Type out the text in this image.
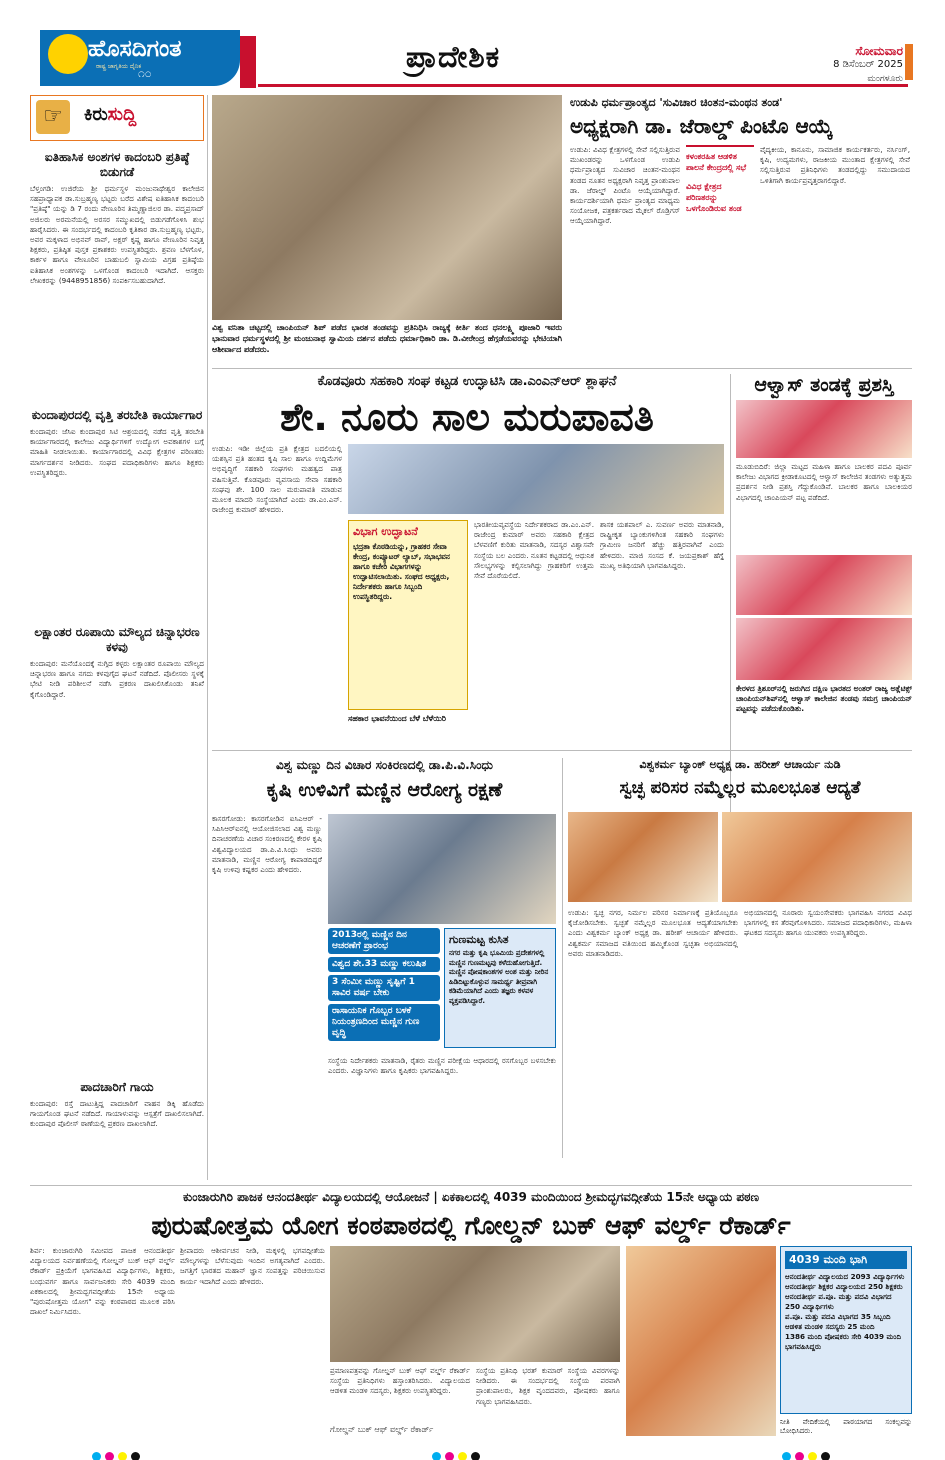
ಹೊಸದಿಗಂತ
ರಾಷ್ಟ್ರ ಜಾಗೃತಿಯ ದೈನಿಕ
೧೦	ಪ್ರಾದೇಶಿಕ	ಸೋಮವಾರ
8 ಡಿಸೆಂಬರ್ 2025
ಮಂಗಳೂರು
☞	ಕಿರುಸುದ್ದಿ
ಐತಿಹಾಸಿಕ ಅಂಶಗಳ ಕಾದಂಬರಿ ಪ್ರತಿಷ್ಠೆ ಬಿಡುಗಡೆ
ಬೆಳ್ತಂಗಡಿ: ಉಜಿರೆಯ ಶ್ರೀ ಧರ್ಮಸ್ಥಳ ಮಂಜುನಾಥೇಶ್ವರ ಕಾಲೇಜಿನ ಸಹಪ್ರಾಧ್ಯಾಪಕ ಡಾ.ಸುಬ್ರಹ್ಮಣ್ಯ ಭಟ್ಟರು ಬರೆದ ವಿಶೇಷ ಐತಿಹಾಸಿಕ ಕಾದಂಬರಿ "ಪ್ರತಿಷ್ಠೆ" ಯನ್ನು ಡಿ 7 ರಂದು ವೇಣೂರಿನ ತಿಮ್ಮಣ್ಣಾಜಿಲರ ಡಾ. ಪದ್ಮಪ್ರಸಾದ್ ಅಜಿಲರು ಅರಮನೆಯಲ್ಲಿ ಅರಸರ ಸಮ್ಮುಖದಲ್ಲಿ ಬಿಡುಗಡೆಗೊಳಿಸಿ ಶುಭ ಹಾರೈಸಿದರು. ಈ ಸಂದರ್ಭದಲ್ಲಿ ಕಾದಂಬರಿ ಕೃತಿಕಾರ ಡಾ.ಸುಬ್ರಹ್ಮಣ್ಯ ಭಟ್ಟರು, ಅವರ ಮಕ್ಕಳಾದ ಅಭಿನವ್ ರಾವ್, ಅಕ್ಷರ್ ಕೃಷ್ಣ ಹಾಗೂ ವೇಣೂರಿನ ನಿವೃತ್ತ ಶಿಕ್ಷಕರು, ಪ್ರತಿಷ್ಠಿತ ಪುಸ್ತಕ ಪ್ರಕಾಶಕರು ಉಪಸ್ಥಿತರಿದ್ದರು. ಶ್ರವಣ ಬೆಳಗೊಳ, ಕಾರ್ಕಳ ಹಾಗೂ ವೇಣೂರಿನ ಬಾಹುಬಲಿ ಸ್ವಾಮಿಯ ವಿಗ್ರಹ ಪ್ರತಿಷ್ಠೆಯ ಐತಿಹಾಸಿಕ ಅಂಶಗಳನ್ನು ಒಳಗೊಂಡ ಕಾದಂಬರಿ ಇದಾಗಿದೆ. ಆಸಕ್ತರು ಲೇಖಕರನ್ನು (9448951856) ಸಂಪರ್ಕಿಸಬಹುದಾಗಿದೆ.
ಕುಂದಾಪುರದಲ್ಲಿ ವೃತ್ತಿ ತರಬೇತಿ ಕಾರ್ಯಾಗಾರ
ಕುಂದಾಪುರ: ಜೆಸಿಐ ಕುಂದಾಪುರ ಸಿಟಿ ಆಶ್ರಯದಲ್ಲಿ ನಡೆದ ವೃತ್ತಿ ತರಬೇತಿ ಕಾರ್ಯಾಗಾರದಲ್ಲಿ ಕಾಲೇಜು ವಿದ್ಯಾರ್ಥಿಗಳಿಗೆ ಉದ್ಯೋಗ ಅವಕಾಶಗಳ ಬಗ್ಗೆ ಮಾಹಿತಿ ನೀಡಲಾಯಿತು. ಕಾರ್ಯಾಗಾರದಲ್ಲಿ ವಿವಿಧ ಕ್ಷೇತ್ರಗಳ ಪರಿಣತರು ಮಾರ್ಗದರ್ಶನ ನೀಡಿದರು. ಸಂಘದ ಪದಾಧಿಕಾರಿಗಳು ಹಾಗೂ ಶಿಕ್ಷಕರು ಉಪಸ್ಥಿತರಿದ್ದರು.
ಲಕ್ಷಾಂತರ ರೂಪಾಯಿ ಮೌಲ್ಯದ ಚಿನ್ನಾಭರಣ ಕಳವು
ಕುಂದಾಪುರ: ಮನೆಯೊಂದಕ್ಕೆ ನುಗ್ಗಿದ ಕಳ್ಳರು ಲಕ್ಷಾಂತರ ರೂಪಾಯಿ ಮೌಲ್ಯದ ಚಿನ್ನಾಭರಣ ಹಾಗೂ ನಗದು ಕಳವುಗೈದ ಘಟನೆ ನಡೆದಿದೆ. ಪೊಲೀಸರು ಸ್ಥಳಕ್ಕೆ ಭೇಟಿ ನೀಡಿ ಪರಿಶೀಲನೆ ನಡೆಸಿ ಪ್ರಕರಣ ದಾಖಲಿಸಿಕೊಂಡು ತನಿಖೆ ಕೈಗೊಂಡಿದ್ದಾರೆ.
ಪಾದಚಾರಿಗೆ ಗಾಯ
ಕುಂದಾಪುರ: ರಸ್ತೆ ದಾಟುತ್ತಿದ್ದ ಪಾದಚಾರಿಗೆ ವಾಹನ ಡಿಕ್ಕಿ ಹೊಡೆದು ಗಾಯಗೊಂಡ ಘಟನೆ ನಡೆದಿದೆ. ಗಾಯಾಳುವನ್ನು ಆಸ್ಪತ್ರೆಗೆ ದಾಖಲಿಸಲಾಗಿದೆ. ಕುಂದಾಪುರ ಪೊಲೀಸ್ ಠಾಣೆಯಲ್ಲಿ ಪ್ರಕರಣ ದಾಖಲಾಗಿದೆ.
ವಿಶ್ವ ವನಿತಾ ಚಟ್ಟದಲ್ಲಿ ಚಾಂಪಿಯನ್ ಶಿಪ್ ಪಡೆದ ಭಾರತ ತಂಡವನ್ನು ಪ್ರತಿನಿಧಿಸಿ ರಾಜ್ಯಕ್ಕೆ ಕೀರ್ತಿ ತಂದ ಧನಲಕ್ಷ್ಮಿ ಪೂಜಾರಿ ಇವರು ಭಾನುವಾರ ಧರ್ಮಸ್ಥಳದಲ್ಲಿ ಶ್ರೀ ಮಂಜುನಾಥ ಸ್ವಾಮಿಯ ದರ್ಶನ ಪಡೆದು ಧರ್ಮಾಧಿಕಾರಿ ಡಾ. ಡಿ.ವೀರೇಂದ್ರ ಹೆಗ್ಗಡೆಯವರನ್ನು ಭೇಟಿಯಾಗಿ ಆಶೀರ್ವಾದ ಪಡೆದರು.
ಉಡುಪಿ ಧರ್ಮಪ್ರಾಂತ್ಯದ 'ಸುವಿಚಾರ ಚಿಂತನ-ಮಂಥನ ತಂಡ'
ಅಧ್ಯಕ್ಷರಾಗಿ ಡಾ. ಜೆರಾಲ್ಡ್ ಪಿಂಟೊ ಆಯ್ಕೆ
ಉಡುಪಿ: ವಿವಿಧ ಕ್ಷೇತ್ರಗಳಲ್ಲಿ ಸೇವೆ ಸಲ್ಲಿಸುತ್ತಿರುವ ಮುಖಂಡರನ್ನು ಒಳಗೊಂಡ ಉಡುಪಿ ಧರ್ಮಪ್ರಾಂತ್ಯದ ಸುವಿಚಾರ ಚಿಂತನ-ಮಂಥನ ತಂಡದ ನೂತನ ಅಧ್ಯಕ್ಷರಾಗಿ ನಿವೃತ್ತ ಪ್ರಾಂಶುಪಾಲ ಡಾ. ಜೆರಾಲ್ಡ್ ಪಿಂಟೊ ಆಯ್ಕೆಯಾಗಿದ್ದಾರೆ. ಕಾರ್ಯದರ್ಶಿಯಾಗಿ ಧರ್ಮ ಪ್ರಾಂತ್ಯದ ಮಾಧ್ಯಮ ಸಂಯೋಜಕ, ಪತ್ರಕರ್ತರಾದ ಮೈಕಲ್ ರೊಡ್ರಿಗಸ್ ಆಯ್ಕೆಯಾಗಿದ್ದಾರೆ.
ಕಳಂಕರಹಿತ ಆಡಳಿತ ಪಾಲನೆ ಕೇಂದ್ರದಲ್ಲಿ ಸಭೆ
ವಿವಿಧ ಕ್ಷೇತ್ರದ ಪರಿಣತರನ್ನು ಒಳಗೊಂಡಿರುವ ತಂಡ
ವೈದ್ಯಕೀಯ, ಕಾನೂನು, ಸಾಮಾಜಿಕ ಕಾರ್ಯಕರ್ತರು, ನರ್ಸಿಂಗ್, ಕೃಷಿ, ಉದ್ಯಮಗಳು, ರಾಜಕೀಯ ಮುಂತಾದ ಕ್ಷೇತ್ರಗಳಲ್ಲಿ ಸೇವೆ ಸಲ್ಲಿಸುತ್ತಿರುವ ಪ್ರತಿನಿಧಿಗಳು ತಂಡದಲ್ಲಿದ್ದು ಸಮುದಾಯದ ಒಳಿತಿಗಾಗಿ ಕಾರ್ಯಪ್ರವೃತ್ತರಾಗಲಿದ್ದಾರೆ.
ಕೊಡವೂರು ಸಹಕಾರಿ ಸಂಘ ಕಟ್ಟಡ ಉದ್ಘಾಟಿಸಿ ಡಾ.ಎಂಎನ್‌ಆರ್ ಶ್ಲಾಘನೆ
ಶೇ. ನೂರು ಸಾಲ ಮರುಪಾವತಿ
ಉಡುಪಿ: ಇಡೀ ಜಿಲ್ಲೆಯ ಪ್ರತಿ ಕ್ಷೇತ್ರದ ಬದಲಿಯಲ್ಲಿ ಯಶಸ್ಸಿನ ಪ್ರತಿ ಹಂತದ ಕೃಷಿ ಸಾಲ ಹಾಗೂ ಉದ್ದಿಮೆಗಳ ಅಭಿವೃದ್ಧಿಗೆ ಸಹಕಾರಿ ಸಂಘಗಳು ಮಹತ್ವದ ಪಾತ್ರ ವಹಿಸುತ್ತಿವೆ. ಕೊಡವೂರು ವ್ಯವಸಾಯ ಸೇವಾ ಸಹಕಾರಿ ಸಂಘವು ಶೇ. 100 ಸಾಲ ಮರುಪಾವತಿ ಮಾಡುವ ಮೂಲಕ ಮಾದರಿ ಸಂಸ್ಥೆಯಾಗಿದೆ ಎಂದು ಡಾ.ಎಂ.ಎನ್. ರಾಜೇಂದ್ರ ಕುಮಾರ್ ಹೇಳಿದರು.
ವಿಭಾಗ ಉದ್ಘಾಟನೆ
ಭದ್ರತಾ ಕೊಠಡಿಯನ್ನು, ಗ್ರಾಹಕರ ಸೇವಾ ಕೇಂದ್ರ, ಕಂಪ್ಯೂಟರ್ ಲ್ಯಾಬ್, ಸಭಾಭವನ ಹಾಗೂ ಕಚೇರಿ ವಿಭಾಗಗಳನ್ನು ಉದ್ಘಾಟಿಸಲಾಯಿತು. ಸಂಘದ ಅಧ್ಯಕ್ಷರು, ನಿರ್ದೇಶಕರು ಹಾಗೂ ಸಿಬ್ಬಂದಿ ಉಪಸ್ಥಿತರಿದ್ದರು.
ಸಹಕಾರ ಭಾವನೆಯಿಂದ ಬೆಳೆ ಬೆಳೆಯಿರಿ
ಭಾರತೀಯವ್ಯವಸ್ಥೆಯ ನಿರ್ದೇಶಕರಾದ ಡಾ.ಎಂ.ಎನ್. ರಾಜೇಂದ್ರ ಕುಮಾರ್ ಅವರು ಸಹಕಾರಿ ಕ್ಷೇತ್ರದ ಬೆಳವಣಿಗೆ ಕುರಿತು ಮಾತನಾಡಿ, ಸದಸ್ಯರ ವಿಶ್ವಾಸವೇ ಸಂಸ್ಥೆಯ ಬಲ ಎಂದರು. ನೂತನ ಕಟ್ಟಡದಲ್ಲಿ ಆಧುನಿಕ ಸೌಲಭ್ಯಗಳನ್ನು ಕಲ್ಪಿಸಲಾಗಿದ್ದು ಗ್ರಾಹಕರಿಗೆ ಉತ್ತಮ ಸೇವೆ ದೊರೆಯಲಿದೆ.
ಶಾಸಕ ಯಶಪಾಲ್ ಎ. ಸುವರ್ಣ ಅವರು ಮಾತನಾಡಿ, ರಾಷ್ಟ್ರೀಕೃತ ಬ್ಯಾಂಕುಗಳಿಗಿಂತ ಸಹಕಾರಿ ಸಂಘಗಳು ಗ್ರಾಮೀಣ ಜನರಿಗೆ ಹೆಚ್ಚು ಹತ್ತಿರವಾಗಿವೆ ಎಂದು ಹೇಳಿದರು. ಮಾಜಿ ಸಂಸದ ಕೆ. ಜಯಪ್ರಕಾಶ್ ಹೆಗ್ಡೆ ಮುಖ್ಯ ಅತಿಥಿಯಾಗಿ ಭಾಗವಹಿಸಿದ್ದರು.
ಆಳ್ವಾಸ್ ತಂಡಕ್ಕೆ ಪ್ರಶಸ್ತಿ
ಮೂಡುಬಿದಿರೆ: ಜಿಲ್ಲಾ ಮಟ್ಟದ ಮಹಿಳಾ ಹಾಗೂ ಬಾಲಕರ ಪದವಿ ಪೂರ್ವ ಕಾಲೇಜು ವಿಭಾಗದ ಕ್ರೀಡಾಕೂಟದಲ್ಲಿ ಆಳ್ವಾಸ್ ಕಾಲೇಜಿನ ತಂಡಗಳು ಅತ್ಯುತ್ತಮ ಪ್ರದರ್ಶನ ನೀಡಿ ಪ್ರಶಸ್ತಿ ಗೆದ್ದುಕೊಂಡಿವೆ. ಬಾಲಕರ ಹಾಗೂ ಬಾಲಕಿಯರ ವಿಭಾಗದಲ್ಲಿ ಚಾಂಪಿಯನ್ ಪಟ್ಟ ಪಡೆದಿದೆ.
ಕೇರಳದ ತ್ರಿಶೂರ್‌ನಲ್ಲಿ ಜರುಗಿದ ದಕ್ಷಿಣ ಭಾರತದ ಅಂತರ್ ರಾಜ್ಯ ಅತ್ಲೆಟಿಕ್ಸ್ ಚಾಂಪಿಯನ್‌ಶಿಪ್‌ನಲ್ಲಿ ಆಳ್ವಾಸ್ ಕಾಲೇಜಿನ ತಂಡವು ಸಮಗ್ರ ಚಾಂಪಿಯನ್ ಪಟ್ಟವನ್ನು ಪಡೆದುಕೊಂಡಿತು.
ವಿಶ್ವ ಮಣ್ಣು ದಿನ ವಿಚಾರ ಸಂಕಿರಣದಲ್ಲಿ ಡಾ.ಪಿ.ವಿ.ಸಿಂಧು
ಕೃಷಿ ಉಳಿವಿಗೆ ಮಣ್ಣಿನ ಆರೋಗ್ಯ ರಕ್ಷಣೆ
ಕಾಸರಗೋಡು: ಕಾಸರಗೋಡಿನ ಐಸಿಎಆರ್ - ಸಿಪಿಸಿಆರ್‌ಐನಲ್ಲಿ ಆಯೋಜಿಸಲಾದ ವಿಶ್ವ ಮಣ್ಣು ದಿನಾಚರಣೆಯ ವಿಚಾರ ಸಂಕಿರಣದಲ್ಲಿ ಕೇರಳ ಕೃಷಿ ವಿಶ್ವವಿದ್ಯಾಲಯದ ಡಾ.ಪಿ.ವಿ.ಸಿಂಧು ಅವರು ಮಾತನಾಡಿ, ಮಣ್ಣಿನ ಆರೋಗ್ಯ ಕಾಪಾಡದಿದ್ದರೆ ಕೃಷಿ ಉಳಿವು ಕಷ್ಟಕರ ಎಂದು ಹೇಳಿದರು.
2013ರಲ್ಲಿ ಮಣ್ಣಿನ ದಿನ ಆಚರಣೆಗೆ ಪ್ರಾರಂಭ
ವಿಶ್ವದ ಶೇ.33 ಮಣ್ಣು ಕಲುಷಿತ
3 ಸೆಂಮೀ ಮಣ್ಣು ಸೃಷ್ಟಿಗೆ 1 ಸಾವಿರ ವರ್ಷ ಬೇಕು
ರಾಸಾಯನಿಕ ಗೊಬ್ಬರ ಬಳಕೆ ನಿಯಂತ್ರಣದಿಂದ ಮಣ್ಣಿನ ಗುಣ ವೃದ್ಧಿ
ಗುಣಮಟ್ಟ ಕುಸಿತ
ನಗರ ಮತ್ತು ಕೃಷಿ ಭೂಮಿಯ ಪ್ರದೇಶಗಳಲ್ಲಿ ಮಣ್ಣಿನ ಗುಣಮಟ್ಟವು ಕಳೆದುಹೋಗುತ್ತಿದೆ. ಮಣ್ಣಿನ ಪೋಷಕಾಂಶಗಳ ಅಂಶ ಮತ್ತು ನೀರಿನ ಹಿಡಿದಿಟ್ಟುಕೊಳ್ಳುವ ಸಾಮರ್ಥ್ಯ ತೀವ್ರವಾಗಿ ಕಡಿಮೆಯಾಗಿದೆ ಎಂದು ತಜ್ಞರು ಕಳವಳ ವ್ಯಕ್ತಪಡಿಸಿದ್ದಾರೆ.
ಸಂಸ್ಥೆಯ ನಿರ್ದೇಶಕರು ಮಾತನಾಡಿ, ರೈತರು ಮಣ್ಣಿನ ಪರೀಕ್ಷೆಯ ಆಧಾರದಲ್ಲಿ ರಸಗೊಬ್ಬರ ಬಳಸಬೇಕು ಎಂದರು. ವಿಜ್ಞಾನಿಗಳು ಹಾಗೂ ಕೃಷಿಕರು ಭಾಗವಹಿಸಿದ್ದರು.
ವಿಶ್ವಕರ್ಮ ಬ್ಯಾಂಕ್ ಅಧ್ಯಕ್ಷ ಡಾ. ಹರೀಶ್ ಆಚಾರ್ಯ ನುಡಿ
ಸ್ವಚ್ಛ ಪರಿಸರ ನಮ್ಮೆಲ್ಲರ ಮೂಲಭೂತ ಆದ್ಯತೆ
ಉಡುಪಿ: ಸ್ವಚ್ಛ ನಗರ, ನಿರ್ಮಲ ಪರಿಸರ ನಿರ್ಮಾಣಕ್ಕೆ ಪ್ರತಿಯೊಬ್ಬರೂ ಕೈಜೋಡಿಸಬೇಕು. ಸ್ವಚ್ಛತೆ ನಮ್ಮೆಲ್ಲರ ಮೂಲಭೂತ ಆದ್ಯತೆಯಾಗಬೇಕು ಎಂದು ವಿಶ್ವಕರ್ಮ ಬ್ಯಾಂಕ್ ಅಧ್ಯಕ್ಷ ಡಾ. ಹರೀಶ್ ಆಚಾರ್ಯ ಹೇಳಿದರು. ವಿಶ್ವಕರ್ಮ ಸಮಾಜದ ವತಿಯಿಂದ ಹಮ್ಮಿಕೊಂಡ ಸ್ವಚ್ಛತಾ ಅಭಿಯಾನದಲ್ಲಿ ಅವರು ಮಾತನಾಡಿದರು.
ಅಭಿಯಾನದಲ್ಲಿ ನೂರಾರು ಸ್ವಯಂಸೇವಕರು ಭಾಗವಹಿಸಿ ನಗರದ ವಿವಿಧ ಭಾಗಗಳಲ್ಲಿ ಕಸ ತೆರವುಗೊಳಿಸಿದರು. ಸಮಾಜದ ಪದಾಧಿಕಾರಿಗಳು, ಮಹಿಳಾ ಘಟಕದ ಸದಸ್ಯರು ಹಾಗೂ ಯುವಕರು ಉಪಸ್ಥಿತರಿದ್ದರು.
ಕುಂಜಾರುಗಿರಿ ಪಾಜಕ ಆನಂದತೀರ್ಥ ವಿದ್ಯಾಲಯದಲ್ಲಿ ಆಯೋಜನೆ | ಏಕಕಾಲದಲ್ಲಿ 4039 ಮಂದಿಯಿಂದ ಶ್ರೀಮದ್ಭಗವದ್ಗೀತೆಯ 15ನೇ ಅಧ್ಯಾಯ ಪಠಣ
ಪುರುಷೋತ್ತಮ ಯೋಗ ಕಂಠಪಾಠದಲ್ಲಿ ಗೋಲ್ಡನ್ ಬುಕ್ ಆಫ್ ವರ್ಲ್ಡ್ ರೆಕಾರ್ಡ್
ಶಿರ್ವ: ಕುಂಜಾರುಗಿರಿ ಸಮೀಪದ ಪಾಜಕ ಆನಂದತೀರ್ಥ ವಿದ್ಯಾಲಯದ ನಿರ್ವಹಣೆಯಲ್ಲಿ ಗೋಲ್ಡನ್ ಬುಕ್ ಆಫ್ ವರ್ಲ್ಡ್ ರೆಕಾರ್ಡ್ ಪ್ರಕ್ರಿಯೆಗೆ ಭಾಗವಹಿಸಿದ ವಿದ್ಯಾರ್ಥಿಗಳು, ಶಿಕ್ಷಕರು, ಬಂಧುವರ್ಗ ಹಾಗೂ ಸಾರ್ವಜನಿಕರು ಸೇರಿ 4039 ಮಂದಿ ಏಕಕಾಲದಲ್ಲಿ ಶ್ರೀಮದ್ಭಗವದ್ಗೀತೆಯ 15ನೇ ಅಧ್ಯಾಯ "ಪುರುಷೋತ್ತಮ ಯೋಗ" ವನ್ನು ಕಂಠಪಾಠದ ಮೂಲಕ ಪಠಿಸಿ ದಾಖಲೆ ನಿರ್ಮಿಸಿದರು.
ಶ್ರೀಪಾದರು ಆಶೀರ್ವಚನ ನೀಡಿ, ಮಕ್ಕಳಲ್ಲಿ ಭಗವದ್ಗೀತೆಯ ಮೌಲ್ಯಗಳನ್ನು ಬೆಳೆಸುವುದು ಇಂದಿನ ಅಗತ್ಯವಾಗಿದೆ ಎಂದರು. ಜಗತ್ತಿಗೆ ಭಾರತದ ಮಹಾನ್ ಜ್ಞಾನ ಸಂಪತ್ತನ್ನು ಪರಿಚಯಿಸುವ ಕಾರ್ಯ ಇದಾಗಿದೆ ಎಂದು ಹೇಳಿದರು.
ಗೋಲ್ಡನ್ ಬುಕ್ ಆಫ್ ವರ್ಲ್ಡ್ ರೆಕಾರ್ಡ್
ಪ್ರಮಾಣಪತ್ರವನ್ನು ಗೋಲ್ಡನ್ ಬುಕ್ ಆಫ್ ವರ್ಲ್ಡ್ ರೆಕಾರ್ಡ್ ಸಂಸ್ಥೆಯ ಪ್ರತಿನಿಧಿಗಳು ಹಸ್ತಾಂತರಿಸಿದರು. ವಿದ್ಯಾಲಯದ ಆಡಳಿತ ಮಂಡಳಿ ಸದಸ್ಯರು, ಶಿಕ್ಷಕರು ಉಪಸ್ಥಿತರಿದ್ದರು.
ಸಂಸ್ಥೆಯ ಪ್ರತಿನಿಧಿ ಭರತ್ ಕುಮಾರ್ ಸಂಸ್ಥೆಯ ವಿವರಗಳನ್ನು ನೀಡಿದರು. ಈ ಸಂದರ್ಭದಲ್ಲಿ ಸಂಸ್ಥೆಯ ಪರವಾಗಿ ಪ್ರಾಂಶುಪಾಲರು, ಶಿಕ್ಷಕ ವೃಂದದವರು, ಪೋಷಕರು ಹಾಗೂ ಗಣ್ಯರು ಭಾಗವಹಿಸಿದರು.
4039 ಮಂದಿ ಭಾಗಿ
ಆನಂದತೀರ್ಥ ವಿದ್ಯಾಲಯದ 2093 ವಿದ್ಯಾರ್ಥಿಗಳು
ಆನಂದತೀರ್ಥ ಶಿಕ್ಷಕರ ವಿದ್ಯಾಲಯದ 250 ಶಿಕ್ಷಕರು
ಆನಂದತೀರ್ಥ ಪ.ಪೂ. ಮತ್ತು ಪದವಿ ವಿಭಾಗದ 250 ವಿದ್ಯಾರ್ಥಿಗಳು
ಪ.ಪೂ. ಮತ್ತು ಪದವಿ ವಿಭಾಗದ 35 ಸಿಬ್ಬಂದಿ
ಆಡಳಿತ ಮಂಡಳಿ ಸದಸ್ಯರು 25 ಮಂದಿ
1386 ಮಂದಿ ಪೋಷಕರು ಸೇರಿ 4039 ಮಂದಿ ಭಾಗವಹಿಸಿದ್ದರು
ನೀತಿ ವೇದಿಕೆಯಲ್ಲಿ ಪಾಠಯಾಗದ ಸಂಕಲ್ಪವನ್ನು ಬೋಧಿಸಿದರು.
